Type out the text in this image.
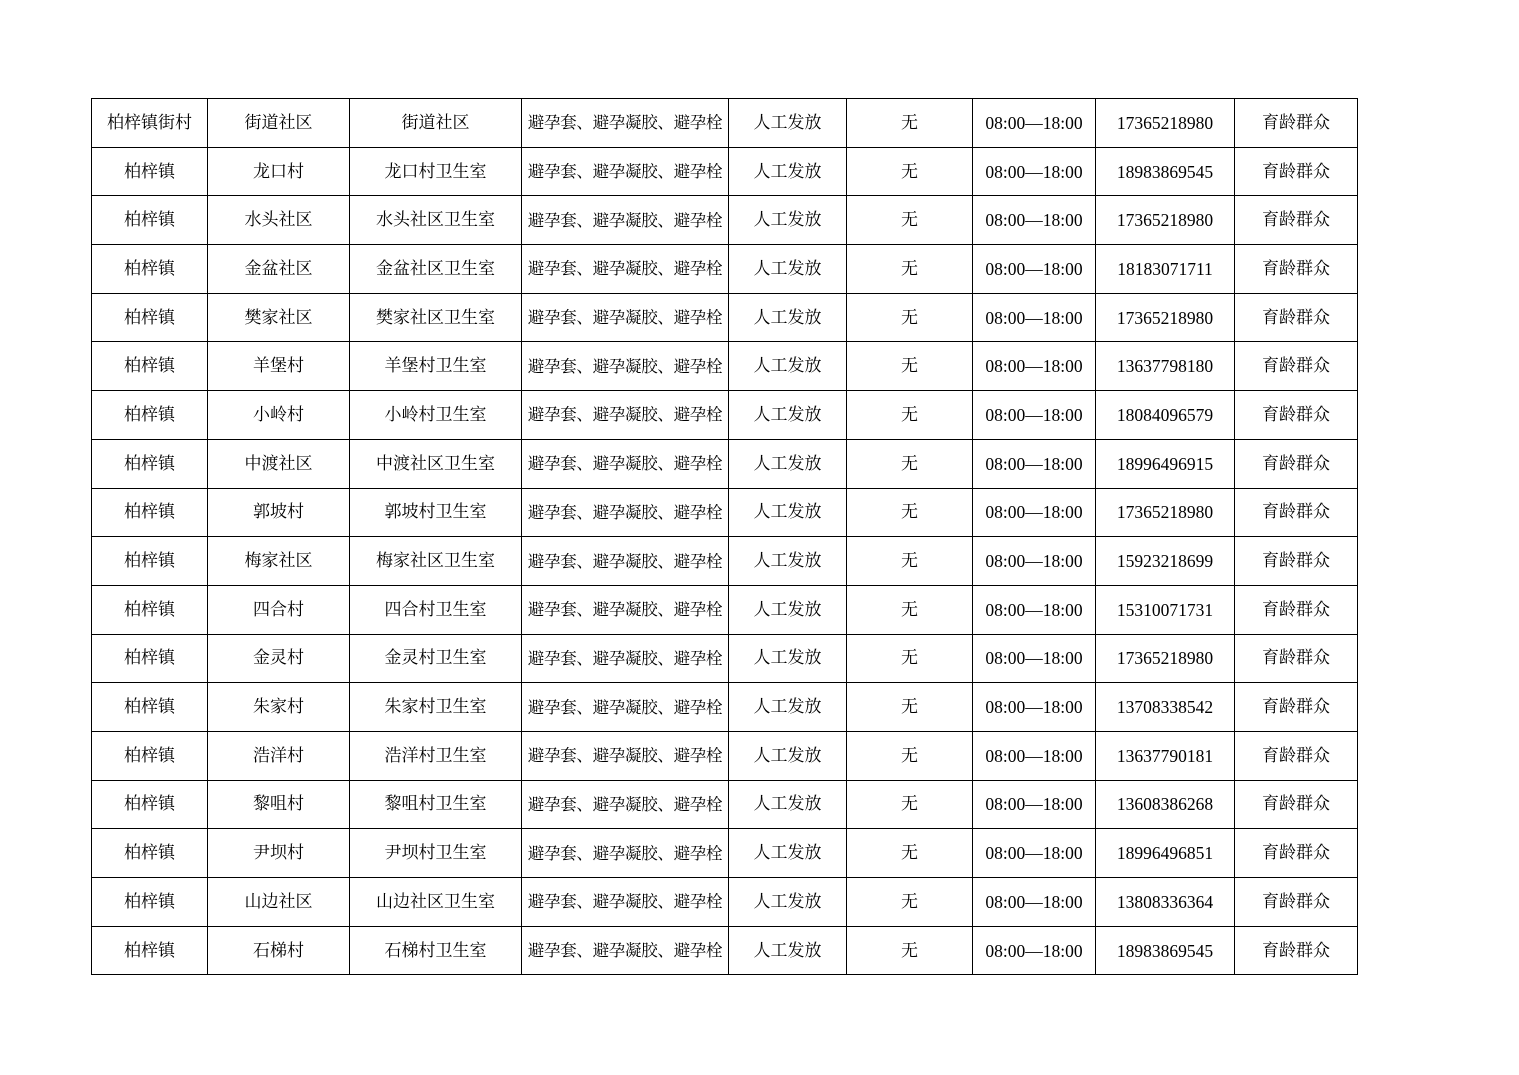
柏梓镇街村	街道社区	街道社区	避孕套、避孕凝胶、避孕栓	人工发放	无	08:00—18:00	17365218980	育龄群众
柏梓镇	龙口村	龙口村卫生室	避孕套、避孕凝胶、避孕栓	人工发放	无	08:00—18:00	18983869545	育龄群众
柏梓镇	水头社区	水头社区卫生室	避孕套、避孕凝胶、避孕栓	人工发放	无	08:00—18:00	17365218980	育龄群众
柏梓镇	金盆社区	金盆社区卫生室	避孕套、避孕凝胶、避孕栓	人工发放	无	08:00—18:00	18183071711	育龄群众
柏梓镇	樊家社区	樊家社区卫生室	避孕套、避孕凝胶、避孕栓	人工发放	无	08:00—18:00	17365218980	育龄群众
柏梓镇	羊堡村	羊堡村卫生室	避孕套、避孕凝胶、避孕栓	人工发放	无	08:00—18:00	13637798180	育龄群众
柏梓镇	小岭村	小岭村卫生室	避孕套、避孕凝胶、避孕栓	人工发放	无	08:00—18:00	18084096579	育龄群众
柏梓镇	中渡社区	中渡社区卫生室	避孕套、避孕凝胶、避孕栓	人工发放	无	08:00—18:00	18996496915	育龄群众
柏梓镇	郭坡村	郭坡村卫生室	避孕套、避孕凝胶、避孕栓	人工发放	无	08:00—18:00	17365218980	育龄群众
柏梓镇	梅家社区	梅家社区卫生室	避孕套、避孕凝胶、避孕栓	人工发放	无	08:00—18:00	15923218699	育龄群众
柏梓镇	四合村	四合村卫生室	避孕套、避孕凝胶、避孕栓	人工发放	无	08:00—18:00	15310071731	育龄群众
柏梓镇	金灵村	金灵村卫生室	避孕套、避孕凝胶、避孕栓	人工发放	无	08:00—18:00	17365218980	育龄群众
柏梓镇	朱家村	朱家村卫生室	避孕套、避孕凝胶、避孕栓	人工发放	无	08:00—18:00	13708338542	育龄群众
柏梓镇	浩洋村	浩洋村卫生室	避孕套、避孕凝胶、避孕栓	人工发放	无	08:00—18:00	13637790181	育龄群众
柏梓镇	黎咀村	黎咀村卫生室	避孕套、避孕凝胶、避孕栓	人工发放	无	08:00—18:00	13608386268	育龄群众
柏梓镇	尹坝村	尹坝村卫生室	避孕套、避孕凝胶、避孕栓	人工发放	无	08:00—18:00	18996496851	育龄群众
柏梓镇	山边社区	山边社区卫生室	避孕套、避孕凝胶、避孕栓	人工发放	无	08:00—18:00	13808336364	育龄群众
柏梓镇	石梯村	石梯村卫生室	避孕套、避孕凝胶、避孕栓	人工发放	无	08:00—18:00	18983869545	育龄群众
